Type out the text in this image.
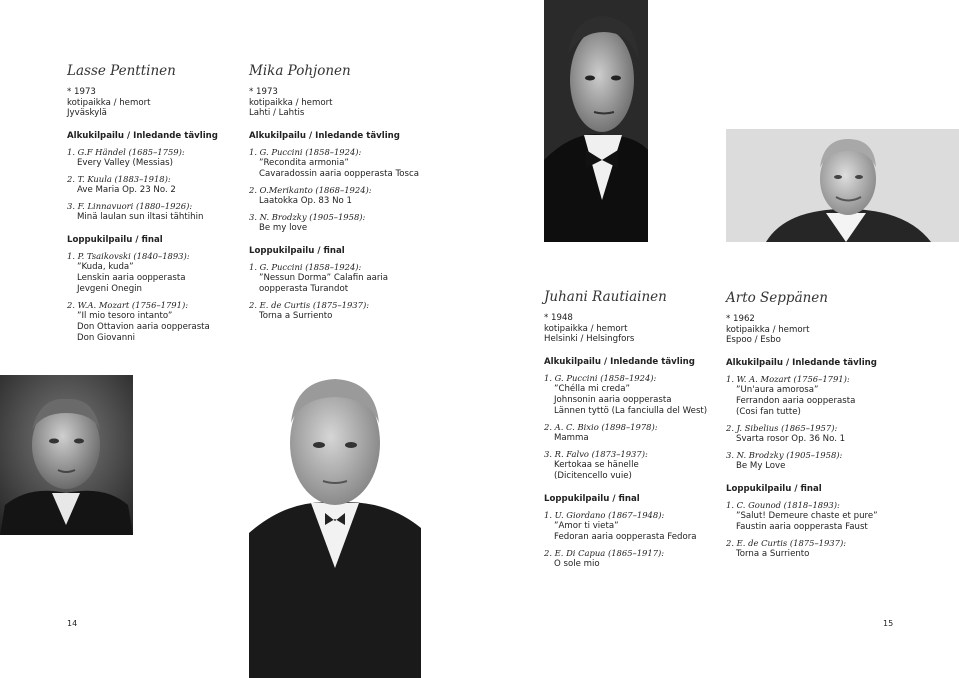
Lasse Penttinen
* 1973
kotipaikka / hemort
Jyväskylä
Alkukilpailu / Inledande tävling
1. G.F Händel (1685–1759):
Every Valley (Messias)
2. T. Kuula (1883–1918):
Ave Maria Op. 23 No. 2
3. F. Linnavuori (1880–1926):
Minä laulan sun iltasi tähtihin
Loppukilpailu / final
1. P. Tsaikovski (1840–1893):
”Kuda, kuda”
Lenskin aaria oopperasta
Jevgeni Onegin
2. W.A. Mozart (1756–1791):
”Il mio tesoro intanto”
Don Ottavion aaria oopperasta
Don Giovanni
Mika Pohjonen
* 1973
kotipaikka / hemort
Lahti / Lahtis
Alkukilpailu / Inledande tävling
1. G. Puccini (1858–1924):
”Recondita armonia”
Cavaradossin aaria oopperasta Tosca
2. O.Merikanto (1868–1924):
Laatokka Op. 83 No 1
3. N. Brodzky (1905–1958):
Be my love
Loppukilpailu / final
1. G. Puccini (1858–1924):
”Nessun Dorma” Calafin aaria
oopperasta Turandot
2. E. de Curtis (1875–1937):
Torna a Surriento
Juhani Rautiainen
* 1948
kotipaikka / hemort
Helsinki / Helsingfors
Alkukilpailu / Inledande tävling
1. G. Puccini (1858–1924):
”Chélla mi creda”
Johnsonin aaria oopperasta
Lännen tyttö (La fanciulla del West)
2. A. C. Bixio (1898–1978):
Mamma
3. R. Falvo (1873–1937):
Kertokaa se hänelle
(Dicitencello vuie)
Loppukilpailu / final
1. U. Giordano (1867–1948):
”Amor ti vieta”
Fedoran aaria oopperasta Fedora
2. E. Di Capua (1865–1917):
O sole mio
Arto Seppänen
* 1962
kotipaikka / hemort
Espoo / Esbo
Alkukilpailu / Inledande tävling
1. W. A. Mozart (1756–1791):
”Un'aura amorosa”
Ferrandon aaria oopperasta
(Cosi fan tutte)
2. J. Sibelius (1865–1957):
Svarta rosor Op. 36 No. 1
3. N. Brodzky (1905–1958):
Be My Love
Loppukilpailu / final
1. C. Gounod (1818–1893):
”Salut! Demeure chaste et pure”
Faustin aaria oopperasta Faust
2. E. de Curtis (1875–1937):
Torna a Surriento
14	15
